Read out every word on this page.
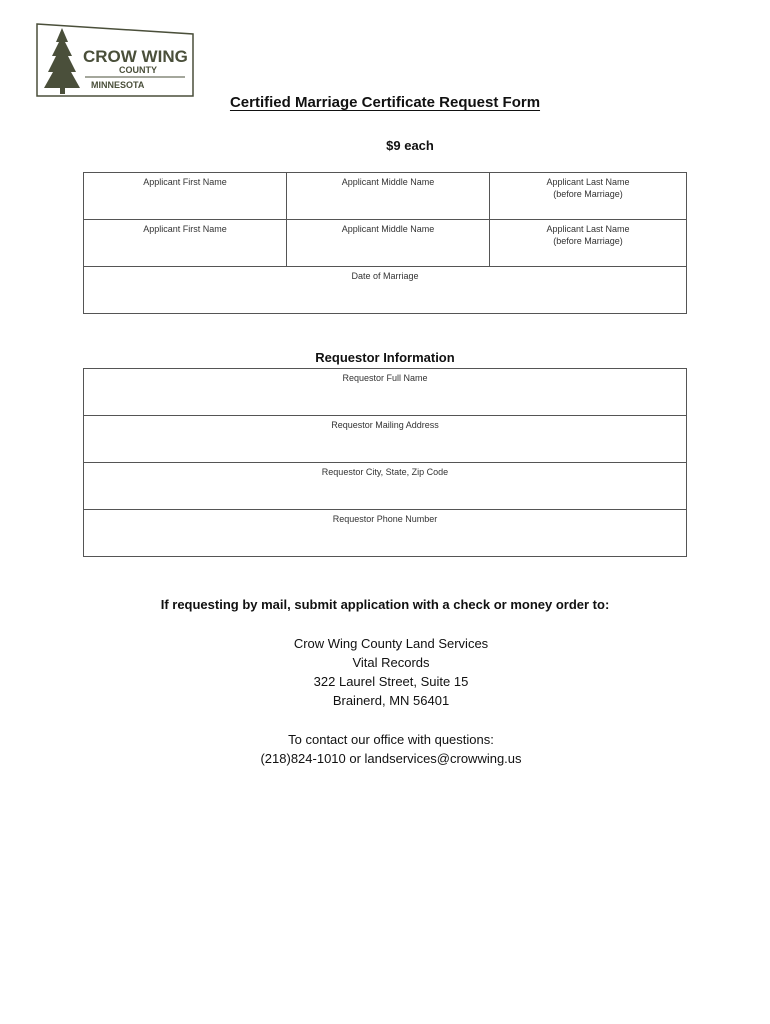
CROW WING
COUNTY
MINNESOTA
Certified Marriage Certificate Request Form
$9 each
Applicant First Name	Applicant Middle Name	Applicant Last Name
(before Marriage)

Applicant First Name	Applicant Middle Name	Applicant Last Name
(before Marriage)

Date of Marriage		
Requestor Information
Requestor Full Name
Requestor Mailing Address
Requestor City, State, Zip Code
Requestor Phone Number
If requesting by mail, submit application with a check or money order to:
Crow Wing County Land Services
Vital Records
322 Laurel Street, Suite 15
Brainerd, MN 56401
To contact our office with questions:
(218)824-1010 or landservices@crowwing.us
